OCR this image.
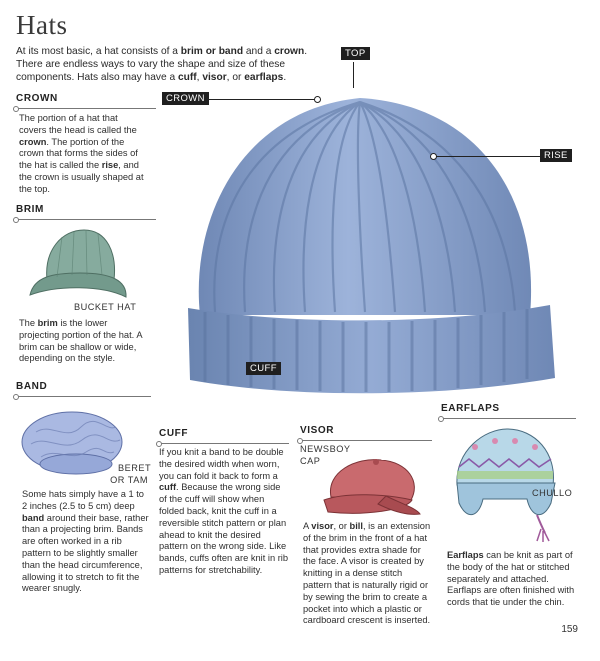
Hats
At its most basic, a hat consists of a brim or band and a crown. There are endless ways to vary the shape and size of these components. Hats also may have a cuff, visor, or earflaps.
TOP
CROWN
RISE
CUFF
CROWN
The portion of a hat that covers the head is called the crown. The portion of the crown that forms the sides of the hat is called the rise, and the crown is usually shaped at the top.
BRIM
BUCKET HAT
The brim is the lower projecting portion of the hat. A brim can be shallow or wide, depending on the style.
BAND
BERET
OR TAM
Some hats simply have a 1 to 2 inches (2.5 to 5 cm) deep band around their base, rather than a projecting brim. Bands are often worked in a rib pattern to be slightly smaller than the head circumference, allowing it to stretch to fit the wearer snugly.
CUFF
If you knit a band to be double the desired width when worn, you can fold it back to form a cuff. Because the wrong side of the cuff will show when folded back, knit the cuff in a reversible stitch pattern or plan ahead to knit the desired pattern on the wrong side. Like bands, cuffs often are knit in rib patterns for stretchability.
VISOR
NEWSBOY
CAP
A visor, or bill, is an extension of the brim in the front of a hat that provides extra shade for the face. A visor is created by knitting in a dense stitch pattern that is naturally rigid or by sewing the brim to create a pocket into which a plastic or cardboard crescent is inserted.
EARFLAPS
CHULLO
Earflaps can be knit as part of the body of the hat or stitched separately and attached. Earflaps are often finished with cords that tie under the chin.
159
